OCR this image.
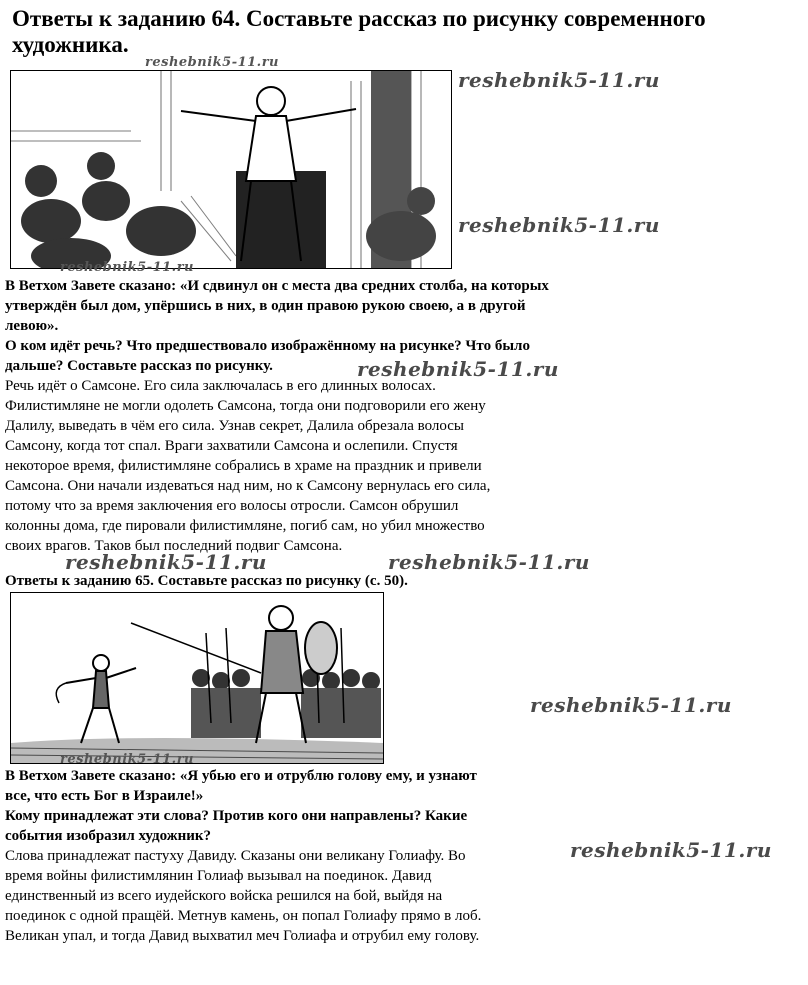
Ответы к заданию 64. Составьте рассказ по рисунку современного художника.
reshebnik5-11.ru
reshebnik5-11.ru
reshebnik5-11.ru
reshebnik5-11.ru
В Ветхом Завете сказано: «И сдвинул он с места два средних столба, на которых утверждён был дом, упёршись в них, в один правою рукою своею, а в другой левою».
О ком идёт речь? Что предшествовало изображённому на рисунке? Что было дальше? Составьте рассказ по рисунку.	reshebnik5-11.ru
Речь идёт о Самсоне. Его сила заключалась в его длинных волосах.
Филистимляне не могли одолеть Самсона, тогда они подговорили его жену
Далилу, выведать в чём его сила. Узнав секрет, Далила обрезала волосы
Самсону, когда тот спал. Враги захватили Самсона и ослепили. Спустя
некоторое время, филистимляне собрались в храме на праздник и привели
Самсона. Они начали издеваться над ним, но к Самсону вернулась его сила,
потому что за время заключения его волосы отросли. Самсон обрушил
колонны дома, где пировали филистимляне, погиб сам, но убил множество
своих врагов. Таков был последний подвиг Самсона.
reshebnik5-11.ru	reshebnik5-11.ru
Ответы к заданию 65. Составьте рассказ по рисунку (с. 50).
reshebnik5-11.ru
reshebnik5-11.ru
В Ветхом Завете сказано: «Я убью его и отрублю голову ему, и узнают
все, что есть Бог в Израиле!»
Кому принадлежат эти слова? Против кого они направлены? Какие
события изобразил художник?
reshebnik5-11.ru
Слова принадлежат пастуху Давиду. Сказаны они великану Голиафу. Во
время войны филистимлянин Голиаф вызывал на поединок. Давид
единственный из всего иудейского войска решился на бой, выйдя на
поединок с одной пращёй. Метнув камень, он попал Голиафу прямо в лоб.
Великан упал, и тогда Давид выхватил меч Голиафа и отрубил ему голову.
